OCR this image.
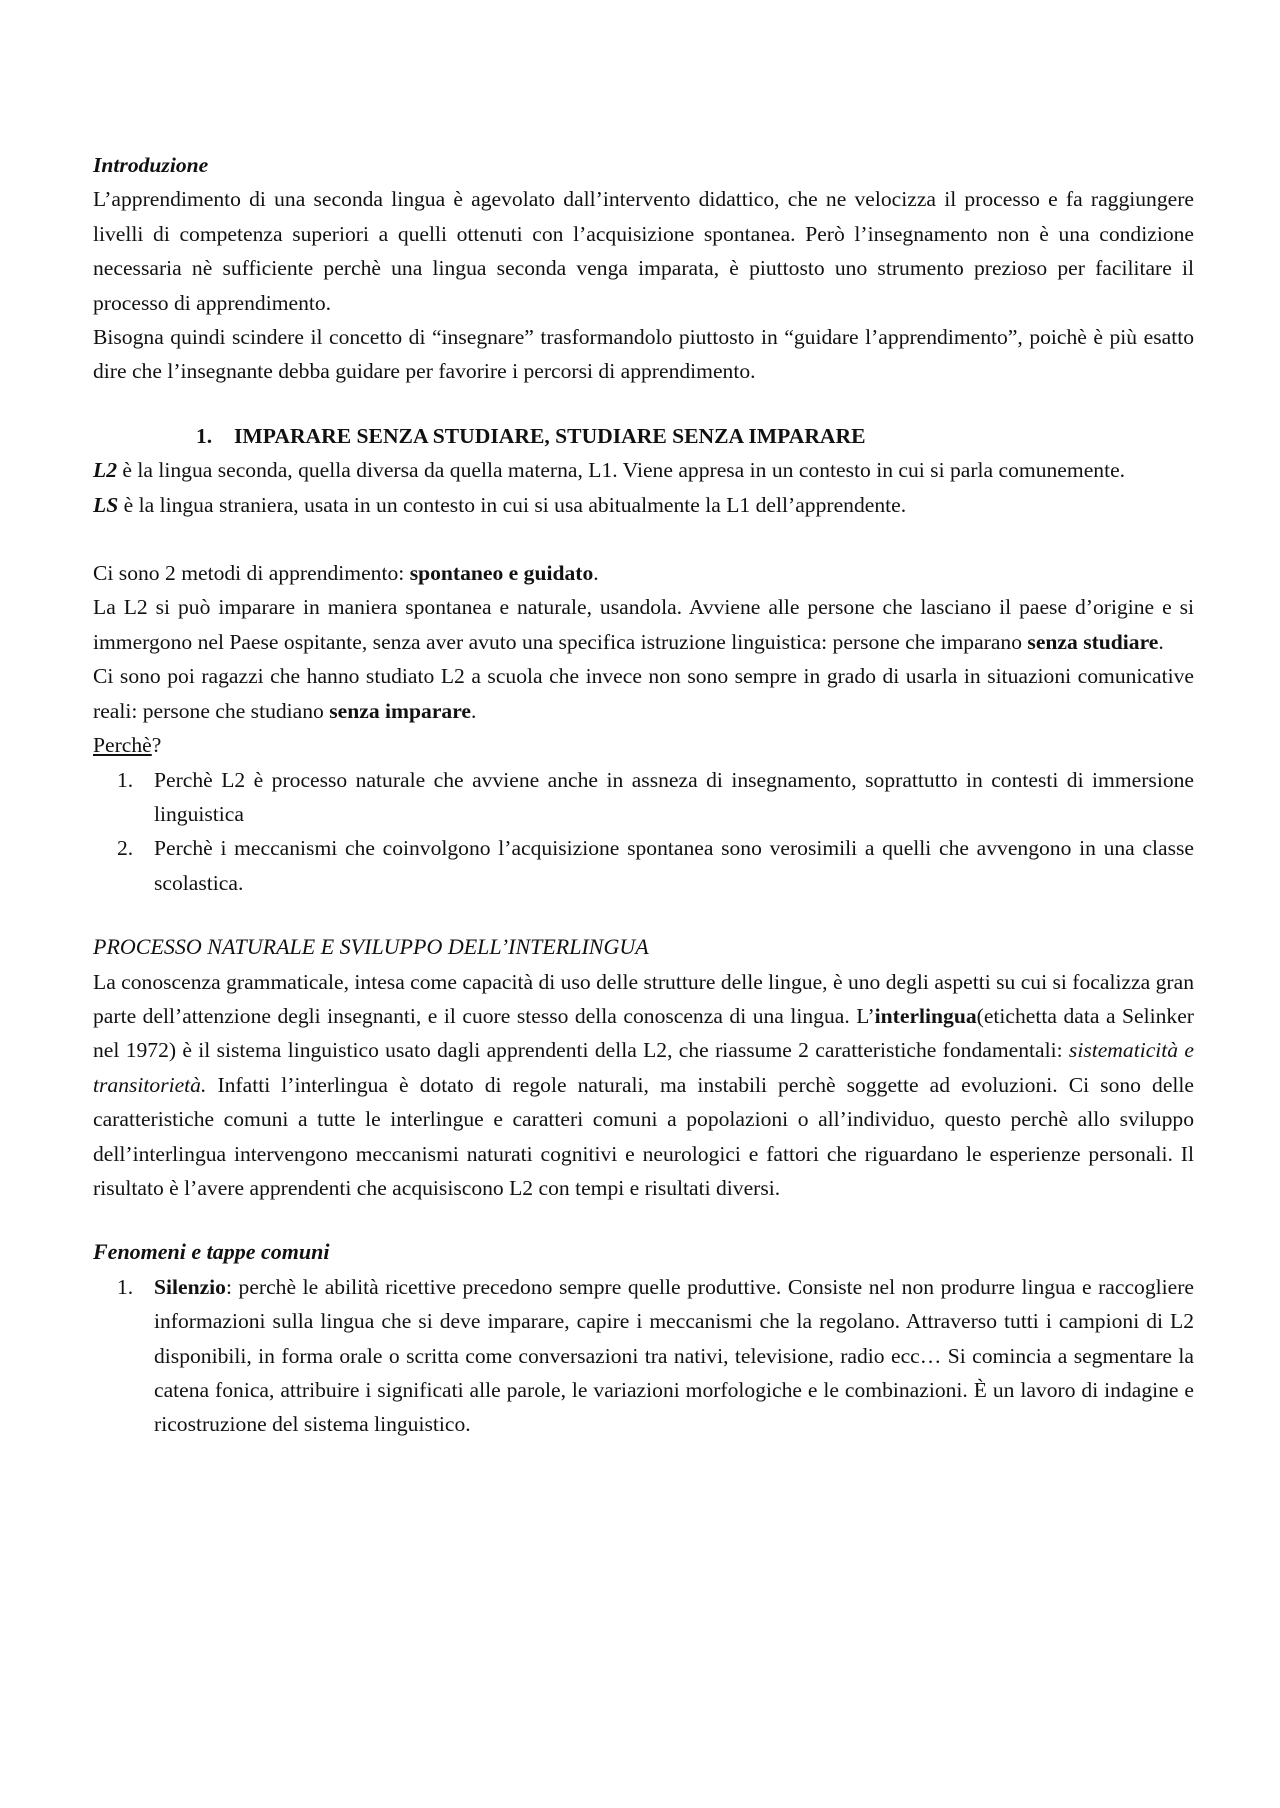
Introduzione

L’apprendimento di una seconda lingua è agevolato dall’intervento didattico, che ne velocizza il processo e fa raggiungere livelli di competenza superiori a quelli ottenuti con l’acquisizione spontanea. Però l’insegnamento non è una condizione necessaria nè sufficiente perchè una lingua seconda venga imparata, è piuttosto uno strumento prezioso per facilitare il processo di apprendimento.

Bisogna quindi scindere il concetto di “insegnare” trasformandolo piuttosto in “guidare l’apprendimento”, poichè è più esatto dire che l’insegnante debba guidare per favorire i percorsi di apprendimento.

1. IMPARARE SENZA STUDIARE, STUDIARE SENZA IMPARARE

L2 è la lingua seconda, quella diversa da quella materna, L1. Viene appresa in un contesto in cui si parla comunemente.

LS è la lingua straniera, usata in un contesto in cui si usa abitualmente la L1 dell’apprendente.

Ci sono 2 metodi di apprendimento: spontaneo e guidato.

La L2 si può imparare in maniera spontanea e naturale, usandola. Avviene alle persone che lasciano il paese d’origine e si immergono nel Paese ospitante, senza aver avuto una specifica istruzione linguistica: persone che imparano senza studiare.

Ci sono poi ragazzi che hanno studiato L2 a scuola che invece non sono sempre in grado di usarla in situazioni comunicative reali: persone che studiano senza imparare.

Perchè?

1. Perchè L2 è processo naturale che avviene anche in assneza di insegnamento, soprattutto in contesti di immersione linguistica
2. Perchè i meccanismi che coinvolgono l’acquisizione spontanea sono verosimili a quelli che avvengono in una classe scolastica.

PROCESSO NATURALE E SVILUPPO DELL’INTERLINGUA

La conoscenza grammaticale, intesa come capacità di uso delle strutture delle lingue, è uno degli aspetti su cui si focalizza gran parte dell’attenzione degli insegnanti, e il cuore stesso della conoscenza di una lingua. L’interlingua(etichetta data a Selinker nel 1972) è il sistema linguistico usato dagli apprendenti della L2, che riassume 2 caratteristiche fondamentali: sistematicità e transitorietà. Infatti l’interlingua è dotato di regole naturali, ma instabili perchè soggette ad evoluzioni. Ci sono delle caratteristiche comuni a tutte le interlingue e caratteri comuni a popolazioni o all’individuo, questo perchè allo sviluppo dell’interlingua intervengono meccanismi naturati cognitivi e neurologici e fattori che riguardano le esperienze personali. Il risultato è l’avere apprendenti che acquisiscono L2 con tempi e risultati diversi.

Fenomeni e tappe comuni

1. Silenzio: perchè le abilità ricettive precedono sempre quelle produttive. Consiste nel non produrre lingua e raccogliere informazioni sulla lingua che si deve imparare, capire i meccanismi che la regolano. Attraverso tutti i campioni di L2 disponibili, in forma orale o scritta come conversazioni tra nativi, televisione, radio ecc… Si comincia a segmentare la catena fonica, attribuire i significati alle parole, le variazioni morfologiche e le combinazioni. È un lavoro di indagine e ricostruzione del sistema linguistico.
